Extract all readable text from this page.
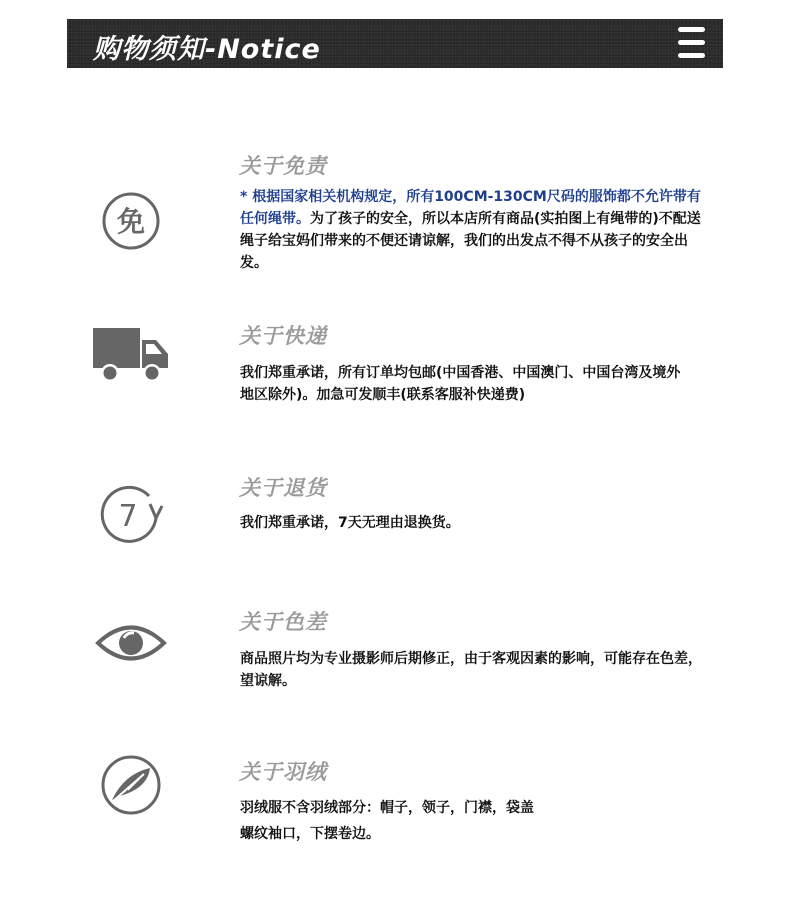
购物须知-Notice
免
关于免责
* 根据国家相关机构规定，所有100CM-130CM尺码的服饰都不允许带有任何绳带。为了孩子的安全，所以本店所有商品(实拍图上有绳带的)不配送绳子给宝妈们带来的不便还请谅解，我们的出发点不得不从孩子的安全出发。
关于快递
我们郑重承诺，所有订单均包邮(中国香港、中国澳门、中国台湾及境外地区除外)。加急可发顺丰(联系客服补快递费)
7
关于退货
我们郑重承诺，7天无理由退换货。
关于色差
商品照片均为专业摄影师后期修正，由于客观因素的影响，可能存在色差，望谅解。
关于羽绒
羽绒服不含羽绒部分：帽子，领子，门襟，袋盖
螺纹袖口，下摆卷边。
